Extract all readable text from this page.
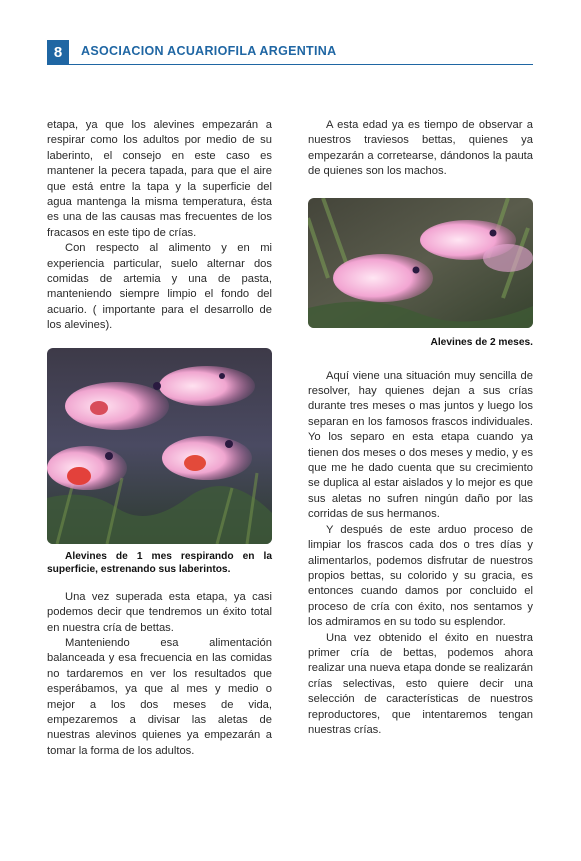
8	ASOCIACION ACUARIOFILA ARGENTINA

etapa, ya que los alevines empezarán a respirar como los adultos por medio de su laberinto, el consejo en este caso es mantener la pecera tapada, para que el aire que está entre la tapa y la superficie del agua mantenga la misma temperatura, ésta es una de las causas mas frecuentes de los fracasos en este tipo de crías.

Con respecto al alimento y en mi experiencia particular, suelo alternar dos comidas de artemia y una de pasta, manteniendo siempre limpio el fondo del acuario. ( importante para el desarrollo de los alevines).

Alevines de 1 mes respirando en la superficie, estrenando sus laberintos.

Una vez superada esta etapa, ya casi podemos decir que tendremos un éxito total en nuestra cría de bettas.

Manteniendo esa alimentación balanceada y esa frecuencia en las comidas no tardaremos en ver los resultados que esperábamos, ya que al mes y medio o mejor a los dos meses de vida, empezaremos a divisar las aletas de nuestras alevinos quienes ya empezarán a tomar la forma de los adultos.

A esta edad ya es tiempo de observar a nuestros traviesos bettas, quienes ya empezarán a corretearse, dándonos la pauta de quienes son los machos.

Alevines de 2 meses.

Aquí viene una situación muy sencilla de resolver, hay quienes dejan a sus crías durante tres meses o mas juntos y luego los separan en los famosos frascos individuales. Yo los separo en esta etapa cuando ya tienen dos meses o dos meses y medio, y es que me he dado cuenta que su crecimiento se duplica al estar aislados y lo mejor es que sus aletas no sufren ningún daño por las corridas de sus hermanos.

Y después de este arduo proceso de limpiar los frascos cada dos o tres días y alimentarlos, podemos disfrutar de nuestros propios bettas, su colorido y su gracia, es entonces cuando damos por concluido el proceso de cría con éxito, nos sentamos y los admiramos en su todo su esplendor.

Una vez obtenido el éxito en nuestra primer cría de bettas, podemos ahora realizar una nueva etapa donde se realizarán crías selectivas, esto quiere decir una selección de características de nuestros reproductores, que intentaremos tengan nuestras crías.
